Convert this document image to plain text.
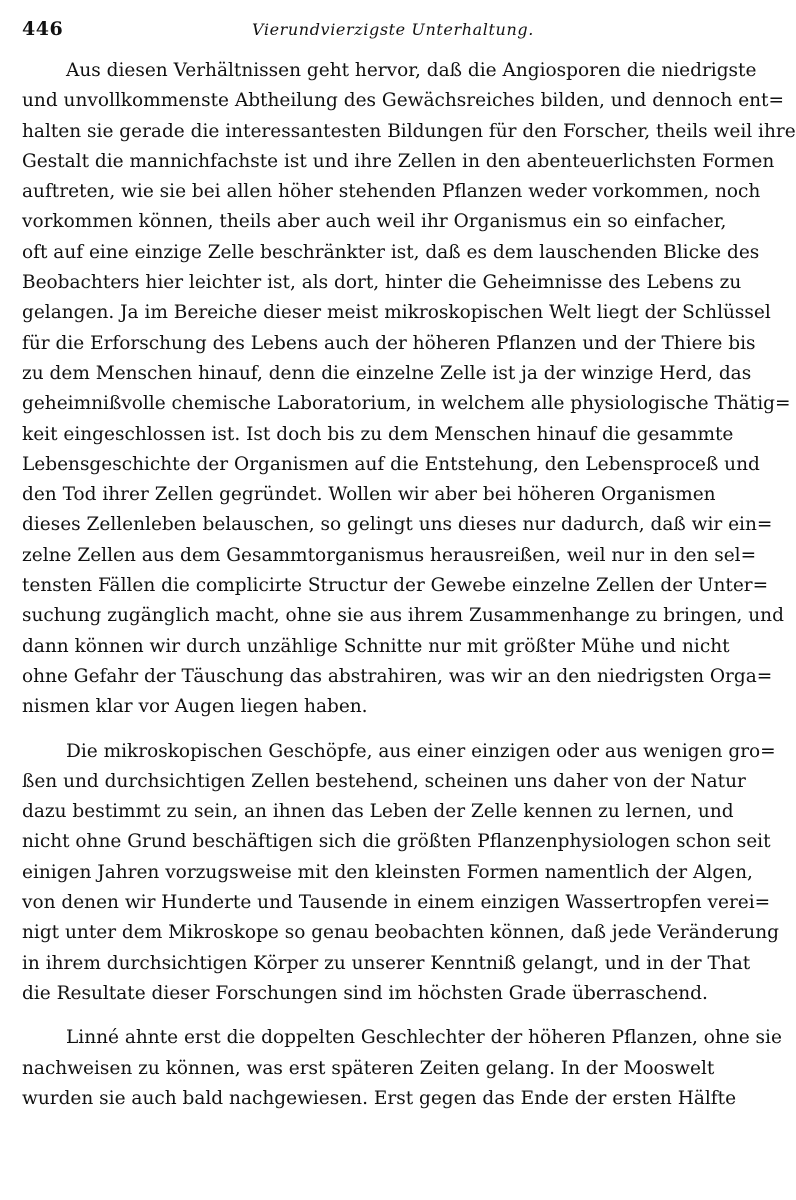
446	Vierundvierzigste Unterhaltung.
Aus diesen Verhältnissen geht hervor, daß die Angiosporen die niedrigste
und unvollkommenste Abtheilung des Gewächsreiches bilden, und dennoch ent=
halten sie gerade die interessantesten Bildungen für den Forscher, theils weil ihre
Gestalt die mannichfachste ist und ihre Zellen in den abenteuerlichsten Formen
auftreten, wie sie bei allen höher stehenden Pflanzen weder vorkommen, noch
vorkommen können, theils aber auch weil ihr Organismus ein so einfacher,
oft auf eine einzige Zelle beschränkter ist, daß es dem lauschenden Blicke des
Beobachters hier leichter ist, als dort, hinter die Geheimnisse des Lebens zu
gelangen. Ja im Bereiche dieser meist mikroskopischen Welt liegt der Schlüssel
für die Erforschung des Lebens auch der höheren Pflanzen und der Thiere bis
zu dem Menschen hinauf, denn die einzelne Zelle ist ja der winzige Herd, das
geheimnißvolle chemische Laboratorium, in welchem alle physiologische Thätig=
keit eingeschlossen ist. Ist doch bis zu dem Menschen hinauf die gesammte
Lebensgeschichte der Organismen auf die Entstehung, den Lebensproceß und
den Tod ihrer Zellen gegründet. Wollen wir aber bei höheren Organismen
dieses Zellenleben belauschen, so gelingt uns dieses nur dadurch, daß wir ein=
zelne Zellen aus dem Gesammtorganismus herausreißen, weil nur in den sel=
tensten Fällen die complicirte Structur der Gewebe einzelne Zellen der Unter=
suchung zugänglich macht, ohne sie aus ihrem Zusammenhange zu bringen, und
dann können wir durch unzählige Schnitte nur mit größter Mühe und nicht
ohne Gefahr der Täuschung das abstrahiren, was wir an den niedrigsten Orga=
nismen klar vor Augen liegen haben.
Die mikroskopischen Geschöpfe, aus einer einzigen oder aus wenigen gro=
ßen und durchsichtigen Zellen bestehend, scheinen uns daher von der Natur
dazu bestimmt zu sein, an ihnen das Leben der Zelle kennen zu lernen, und
nicht ohne Grund beschäftigen sich die größten Pflanzenphysiologen schon seit
einigen Jahren vorzugsweise mit den kleinsten Formen namentlich der Algen,
von denen wir Hunderte und Tausende in einem einzigen Wassertropfen verei=
nigt unter dem Mikroskope so genau beobachten können, daß jede Veränderung
in ihrem durchsichtigen Körper zu unserer Kenntniß gelangt, und in der That
die Resultate dieser Forschungen sind im höchsten Grade überraschend.
Linné ahnte erst die doppelten Geschlechter der höheren Pflanzen, ohne sie
nachweisen zu können, was erst späteren Zeiten gelang. In der Mooswelt
wurden sie auch bald nachgewiesen. Erst gegen das Ende der ersten Hälfte
